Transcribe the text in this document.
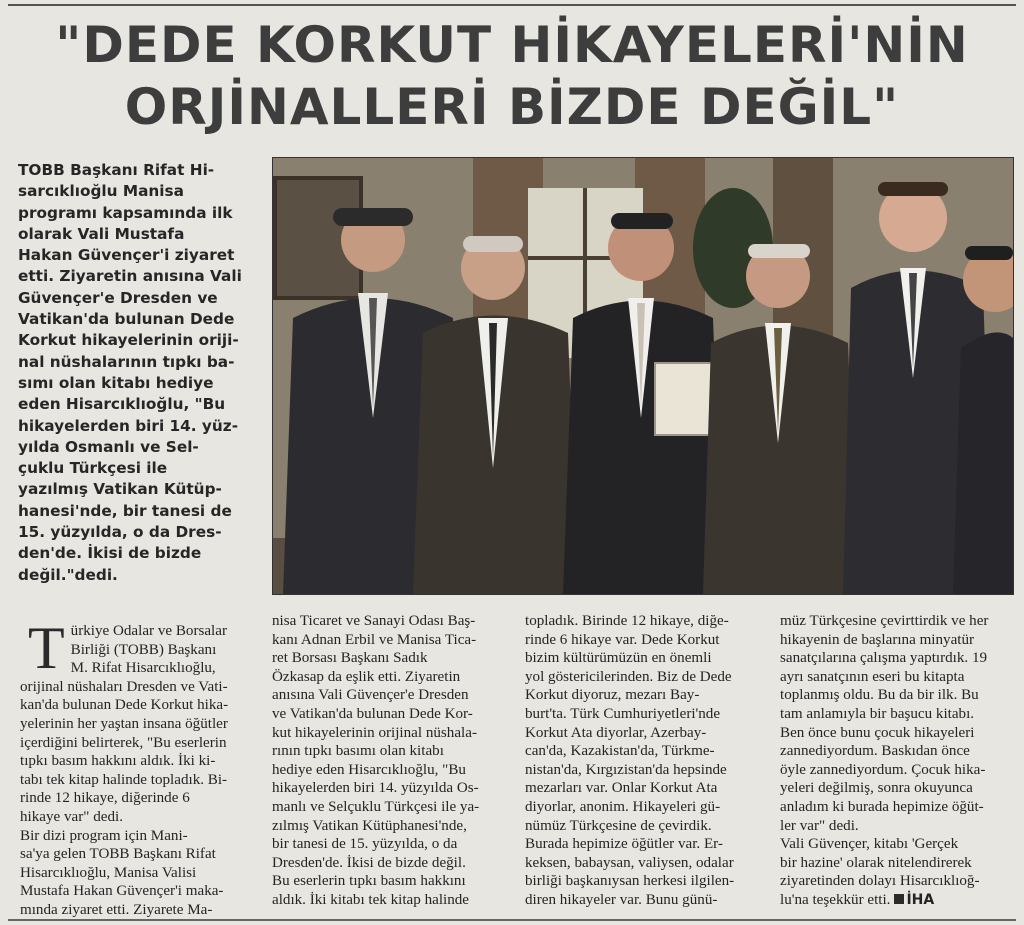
"DEDE KORKUT HİKAYELERİ'NİN
ORJİNALLERİ BİZDE DEĞİL"
TOBB Başkanı Rifat Hi-
sarcıklıoğlu Manisa
programı kapsamında ilk
olarak Vali Mustafa
Hakan Güvençer'i ziyaret
etti. Ziyaretin anısına Vali
Güvençer'e Dresden ve
Vatikan'da bulunan Dede
Korkut hikayelerinin oriji-
nal nüshalarının tıpkı ba-
sımı olan kitabı hediye
eden Hisarcıklıoğlu, "Bu
hikayelerden biri 14. yüz-
yılda Osmanlı ve Sel-
çuklu Türkçesi ile
yazılmış Vatikan Kütüp-
hanesi'nde, bir tanesi de
15. yüzyılda, o da Dres-
den'de. İkisi de bizde
değil."dedi.
Türkiye Odalar ve Borsalar
Birliği (TOBB) Başkanı
M. Rifat Hisarcıklıoğlu,
orijinal nüshaları Dresden ve Vati-
kan'da bulunan Dede Korkut hika-
yelerinin her yaştan insana öğütler
içerdiğini belirterek, "Bu eserlerin
tıpkı basım hakkını aldık. İki ki-
tabı tek kitap halinde topladık. Bi-
rinde 12 hikaye, diğerinde 6
hikaye var" dedi.
Bir dizi program için Mani-
sa'ya gelen TOBB Başkanı Rifat
Hisarcıklıoğlu, Manisa Valisi
Mustafa Hakan Güvençer'i maka-
mında ziyaret etti. Ziyarete Ma-
nisa Ticaret ve Sanayi Odası Baş-
kanı Adnan Erbil ve Manisa Tica-
ret Borsası Başkanı Sadık
Özkasap da eşlik etti. Ziyaretin
anısına Vali Güvençer'e Dresden
ve Vatikan'da bulunan Dede Kor-
kut hikayelerinin orijinal nüshala-
rının tıpkı basımı olan kitabı
hediye eden Hisarcıklıoğlu, "Bu
hikayelerden biri 14. yüzyılda Os-
manlı ve Selçuklu Türkçesi ile ya-
zılmış Vatikan Kütüphanesi'nde,
bir tanesi de 15. yüzyılda, o da
Dresden'de. İkisi de bizde değil.
Bu eserlerin tıpkı basım hakkını
aldık. İki kitabı tek kitap halinde
topladık. Birinde 12 hikaye, diğe-
rinde 6 hikaye var. Dede Korkut
bizim kültürümüzün en önemli
yol göstericilerinden. Biz de Dede
Korkut diyoruz, mezarı Bay-
burt'ta. Türk Cumhuriyetleri'nde
Korkut Ata diyorlar, Azerbay-
can'da, Kazakistan'da, Türkme-
nistan'da, Kırgızistan'da hepsinde
mezarları var. Onlar Korkut Ata
diyorlar, anonim. Hikayeleri gü-
nümüz Türkçesine de çevirdik.
Burada hepimize öğütler var. Er-
keksen, babaysan, valiysen, odalar
birliği başkanıysan herkesi ilgilen-
diren hikayeler var. Bunu günü-
müz Türkçesine çevirttirdik ve her
hikayenin de başlarına minyatür
sanatçılarına çalışma yaptırdık. 19
ayrı sanatçının eseri bu kitapta
toplanmış oldu. Bu da bir ilk. Bu
tam anlamıyla bir başucu kitabı.
Ben önce bunu çocuk hikayeleri
zannediyordum. Baskıdan önce
öyle zannediyordum. Çocuk hika-
yeleri değilmiş, sonra okuyunca
anladım ki burada hepimize öğüt-
ler var" dedi.
Vali Güvençer, kitabı 'Gerçek
bir hazine' olarak nitelendirerek
ziyaretinden dolayı Hisarcıklıoğ-
lu'na teşekkür etti. İHA
